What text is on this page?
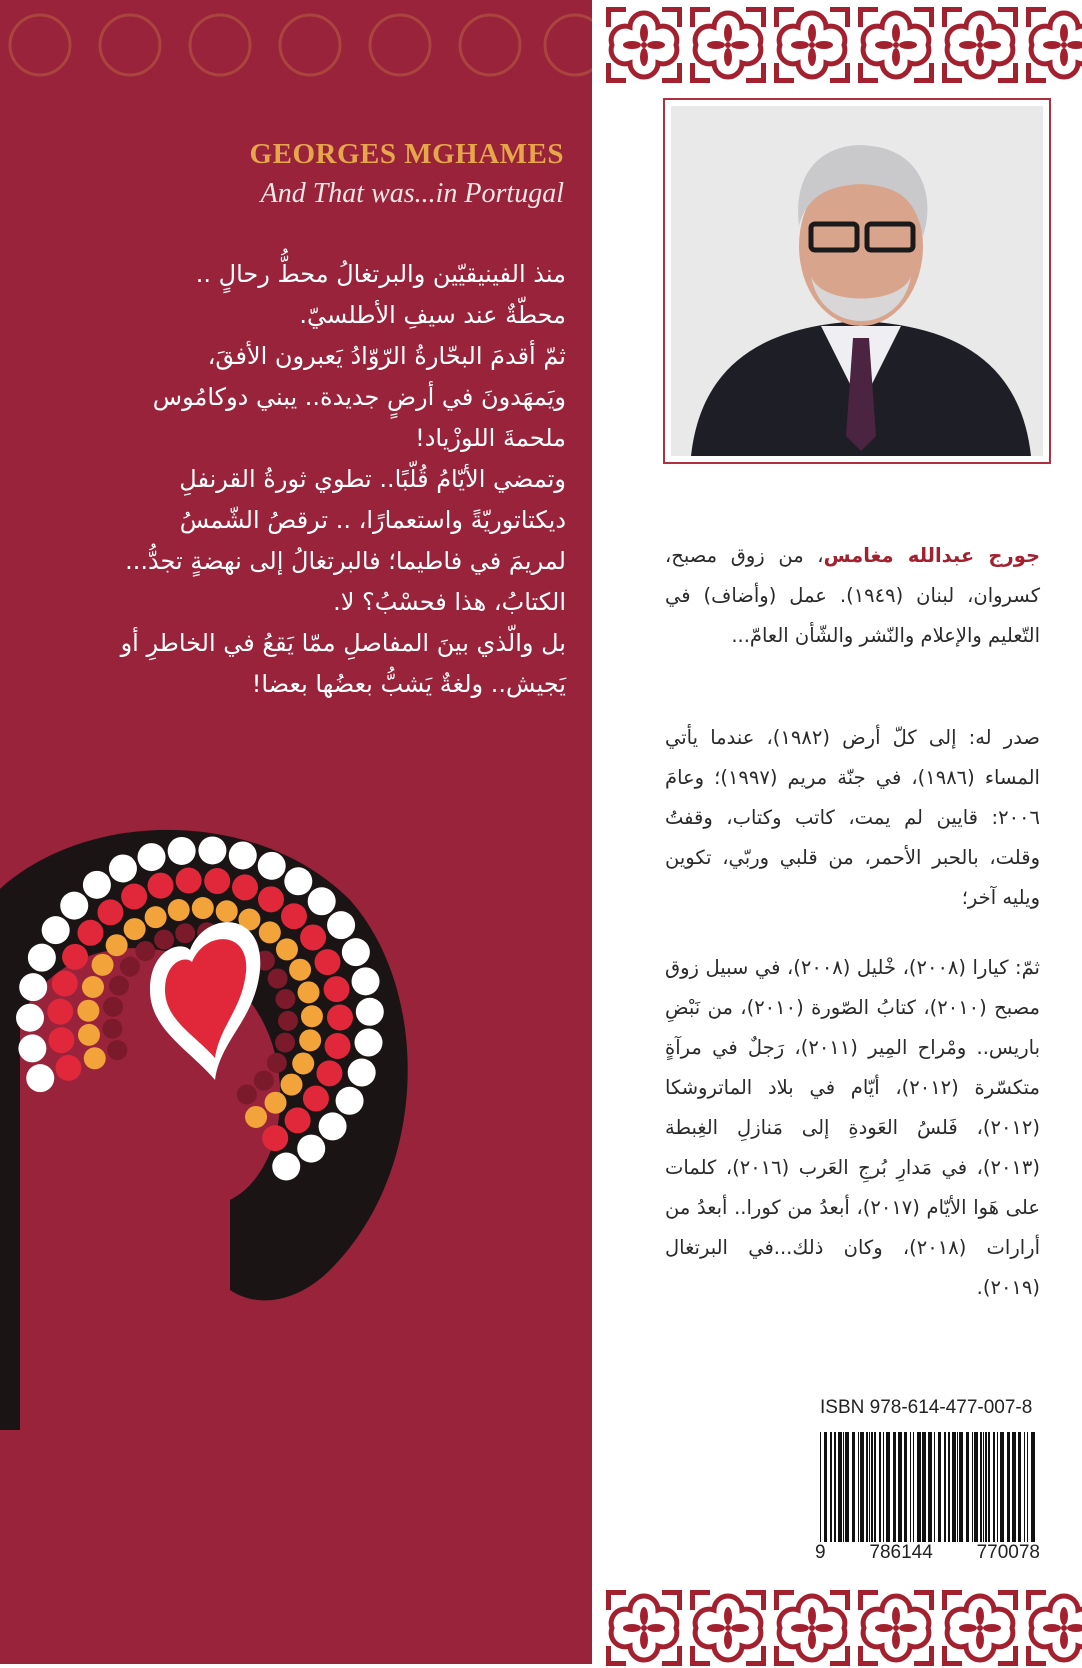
GEORGES MGHAMES
And That was...in Portugal
منذ الفينيقيّين والبرتغالُ محطُّ رحالٍ ..
محطّةٌ عند سيفِ الأطلسيّ.
ثمّ أقدمَ البحّارةُ الرّوّادُ يَعبرون الأفقَ،
ويَمهَدونَ في أرضٍ جديدة.. يبني دوكامُوس
ملحمةَ اللوزْياد!
وتمضي الأيّامُ قُلّبًا.. تطوي ثورةُ القرنفلِ
ديكتاتوريّةً واستعمارًا، .. ترقصُ الشّمسُ
لمريمَ في فاطيما؛ فالبرتغالُ إلى نهضةٍ تجدُّ...
الكتابُ، هذا فحسْبُ؟ لا.
بل والّذي بينَ المفاصلِ ممّا يَقعُ في الخاطرِ أو
يَجيش.. ولغةٌ يَشبُّ بعضُها بعضا!
جورج عبدالله مغامس، من زوق مصبح، كسروان، لبنان (١٩٤٩). عمل (وأضاف) في التّعليم والإعلام والنّشر والشّأن العامّ...
صدر له: إلى كلّ أرض (١٩٨٢)، عندما يأتي المساء (١٩٨٦)، في جنّة مريم (١٩٩٧)؛ وعامَ ٢٠٠٦: قايين لم يمت، كاتب وكتاب، وقفتُ وقلت، بالحبر الأحمر، من قلبي وربّي، تكوين ويليه آخر؛
ثمّ: كيارا (٢٠٠٨)، خْليل (٢٠٠٨)، في سبيل زوق مصبح (٢٠١٠)، كتابُ الصّورة (٢٠١٠)، من نَبْضِ باريس.. ومْراح المِير (٢٠١١)، رَجلٌ في مرآةٍ متكسّرة (٢٠١٢)، أيّام في بلاد الماتروشكا (٢٠١٢)، فَلسُ العَودةِ إلى مَنازلِ الغِبطة (٢٠١٣)، في مَدارِ بُرجِ العَرب (٢٠١٦)، كلمات على هَوا الأيّام (٢٠١٧)، أبعدُ من كورا.. أبعدُ من أرارات (٢٠١٨)، وكان ذلك...في البرتغال (٢٠١٩).
ISBN 978-614-477-007-8
9 786144 770078
